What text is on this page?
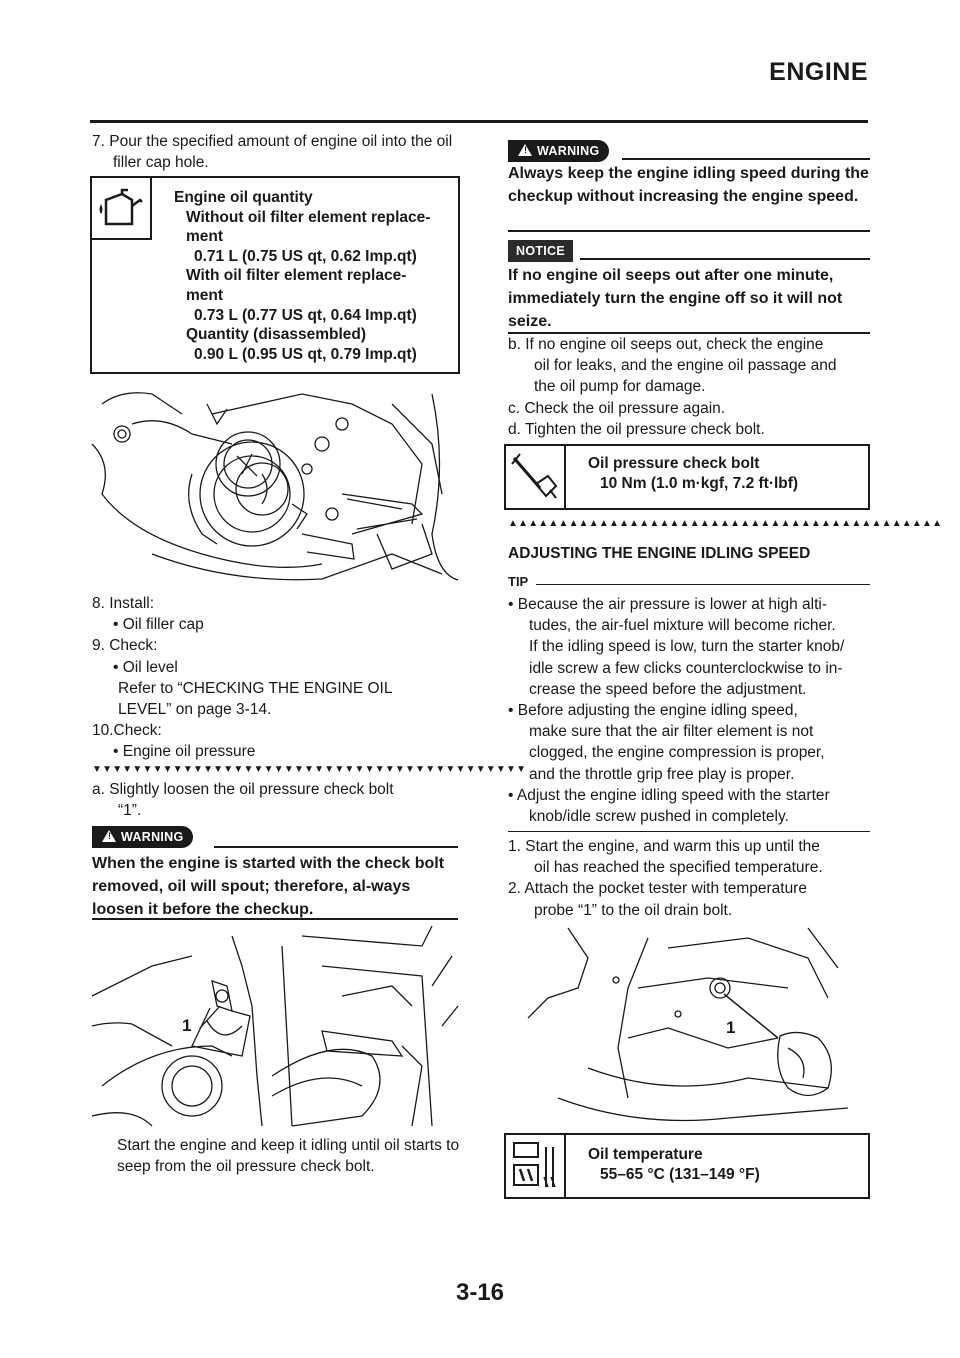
ENGINE

7. Pour the specified amount of engine oil into the oil filler cap hole.

Engine oil quantity
Without oil filter element replace-
ment
0.71 L (0.75 US qt, 0.62 Imp.qt)
With oil filter element replace-
ment
0.73 L (0.77 US qt, 0.64 Imp.qt)
Quantity (disassembled)
0.90 L (0.95 US qt, 0.79 Imp.qt)

8. Install:

• Oil filler cap

9. Check:

• Oil level

Refer to “CHECKING THE ENGINE OIL

LEVEL” on page 3-14.

10.Check:

• Engine oil pressure

▼▼▼▼▼▼▼▼▼▼▼▼▼▼▼▼▼▼▼▼▼▼▼▼▼▼▼▼▼▼▼▼▼▼▼▼▼▼▼▼▼▼▼

a. Slightly loosen the oil pressure check bolt

“1”.

! WARNING
When the engine is started with the check bolt removed, oil will spout; therefore, al-ways loosen it before the checkup.
1
Start the engine and keep it idling until oil starts to seep from the oil pressure check bolt.
! WARNING
Always keep the engine idling speed during the checkup without increasing the engine speed.
NOTICE
If no engine oil seeps out after one minute, immediately turn the engine off so it will not seize.

b. If no engine oil seeps out, check the engine

oil for leaks, and the engine oil passage and

the oil pump for damage.

c. Check the oil pressure again.

d. Tighten the oil pressure check bolt.

Oil pressure check bolt
10 Nm (1.0 m·kgf, 7.2 ft·lbf)
▲▲▲▲▲▲▲▲▲▲▲▲▲▲▲▲▲▲▲▲▲▲▲▲▲▲▲▲▲▲▲▲▲▲▲▲▲▲▲▲▲▲▲
ADJUSTING THE ENGINE IDLING SPEED
TIP

• Because the air pressure is lower at high alti-

tudes, the air-fuel mixture will become richer.

If the idling speed is low, turn the starter knob/

idle screw a few clicks counterclockwise to in-

crease the speed before the adjustment.

• Before adjusting the engine idling speed,

make sure that the air filter element is not

clogged, the engine compression is proper,

and the throttle grip free play is proper.

• Adjust the engine idling speed with the starter

knob/idle screw pushed in completely.

1. Start the engine, and warm this up until the

oil has reached the specified temperature.

2. Attach the pocket tester with temperature

probe “1” to the oil drain bolt.

1
Oil temperature
55–65 °C (131–149 °F)
3-16
